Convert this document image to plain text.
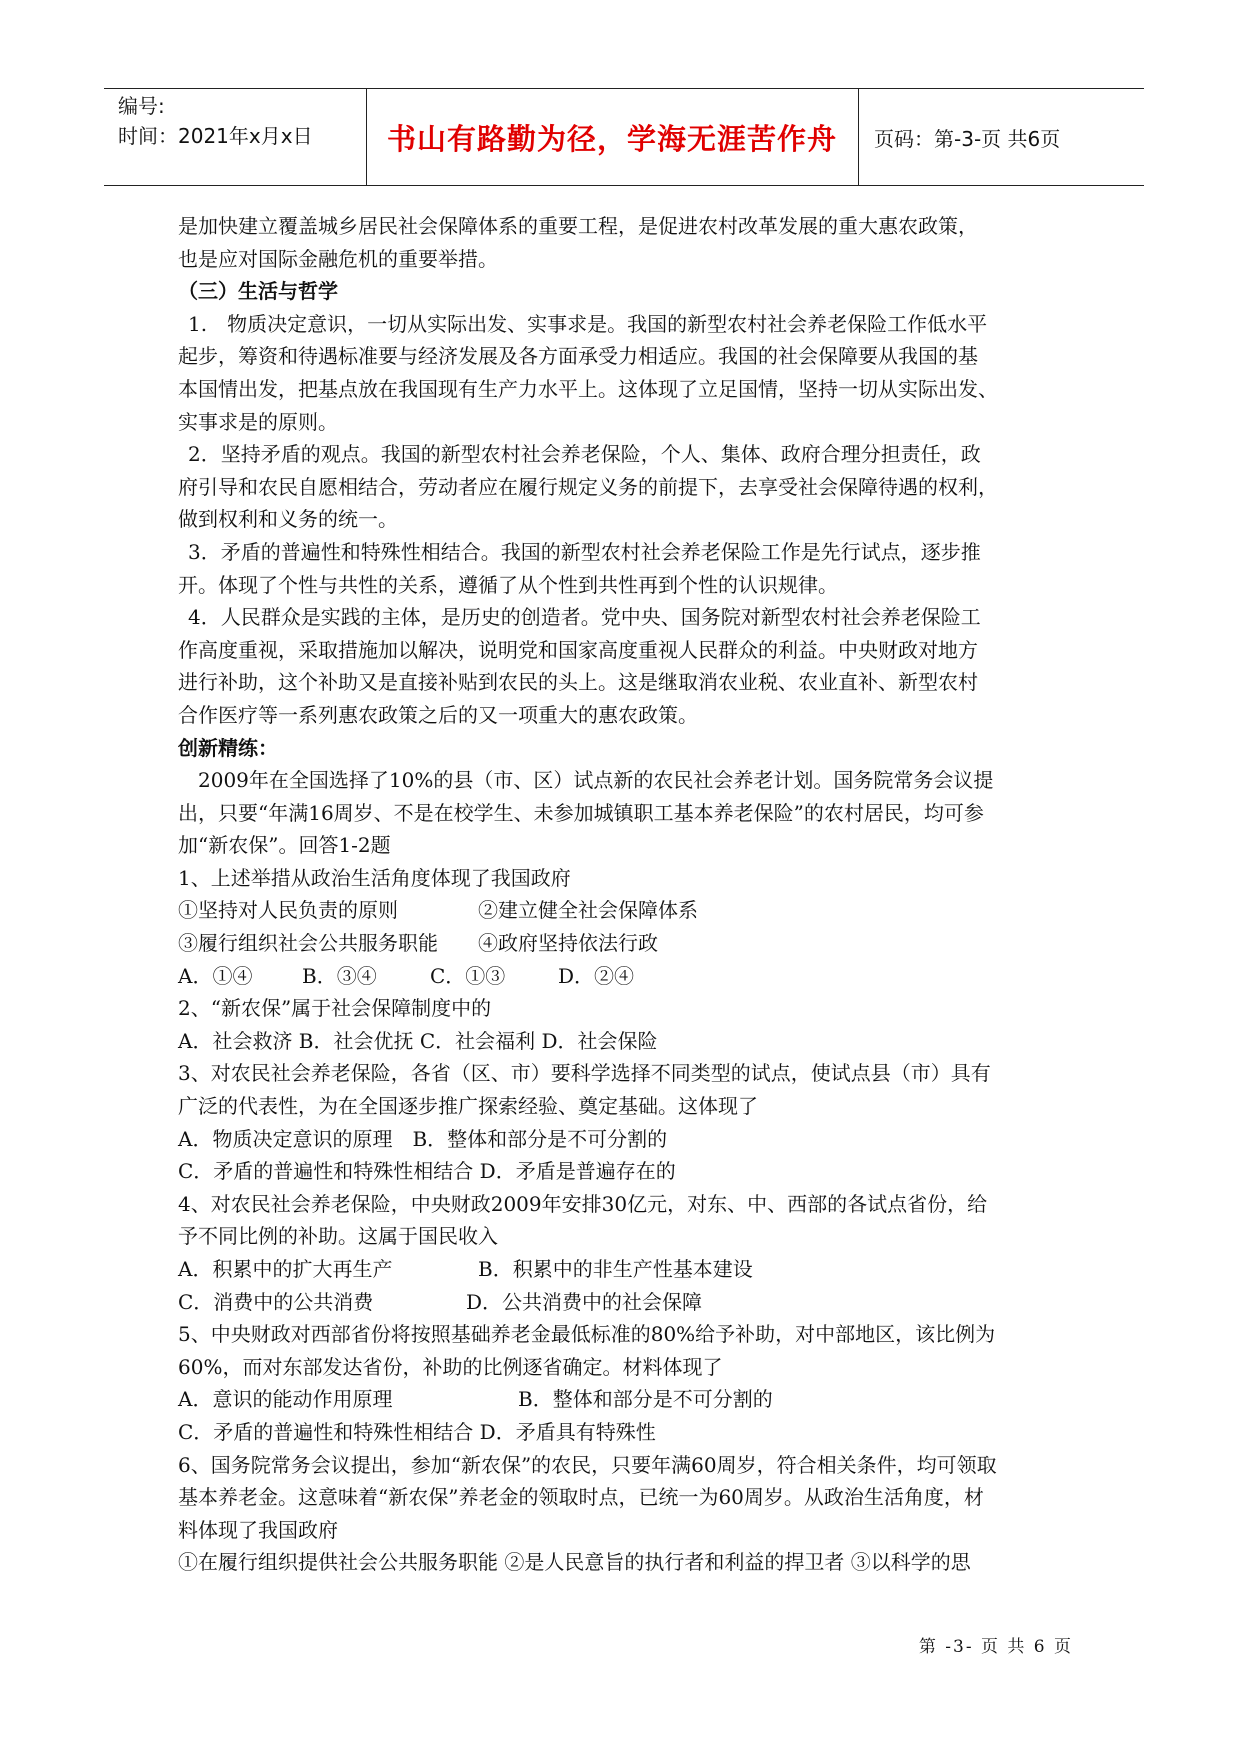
编号:
时间：2021年x月x日	书山有路勤为径，学海无涯苦作舟	页码：第-3-页 共6页
是加快建立覆盖城乡居民社会保障体系的重要工程，是促进农村改革发展的重大惠农政策，
也是应对国际金融危机的重要举措。
（三）生活与哲学
1.　物质决定意识，一切从实际出发、实事求是。我国的新型农村社会养老保险工作低水平
起步，筹资和待遇标准要与经济发展及各方面承受力相适应。我国的社会保障要从我国的基
本国情出发，把基点放在我国现有生产力水平上。这体现了立足国情，坚持一切从实际出发、
实事求是的原则。
2．坚持矛盾的观点。我国的新型农村社会养老保险，个人、集体、政府合理分担责任，政
府引导和农民自愿相结合，劳动者应在履行规定义务的前提下，去享受社会保障待遇的权利，
做到权利和义务的统一。
3．矛盾的普遍性和特殊性相结合。我国的新型农村社会养老保险工作是先行试点，逐步推
开。体现了个性与共性的关系，遵循了从个性到共性再到个性的认识规律。
4．人民群众是实践的主体，是历史的创造者。党中央、国务院对新型农村社会养老保险工
作高度重视，采取措施加以解决，说明党和国家高度重视人民群众的利益。中央财政对地方
进行补助，这个补助又是直接补贴到农民的头上。这是继取消农业税、农业直补、新型农村
合作医疗等一系列惠农政策之后的又一项重大的惠农政策。
创新精练：
2009年在全国选择了10%的县（市、区）试点新的农民社会养老计划。国务院常务会议提
出，只要“年满16周岁、不是在校学生、未参加城镇职工基本养老保险”的农村居民，均可参
加“新农保”。回答1-2题
1、上述举措从政治生活角度体现了我国政府
①坚持对人民负责的原则	②建立健全社会保障体系
③履行组织社会公共服务职能 ④政府坚持依法行政
A．①④ B．③④	C．①③	D．②④
2、“新农保”属于社会保障制度中的
A．社会救济 B．社会优抚 C．社会福利 D．社会保险
3、对农民社会养老保险，各省（区、市）要科学选择不同类型的试点，使试点县（市）具有
广泛的代表性，为在全国逐步推广探索经验、奠定基础。这体现了
A．物质决定意识的原理　B．整体和部分是不可分割的
C．矛盾的普遍性和特殊性相结合 D．矛盾是普遍存在的
4、对农民社会养老保险，中央财政2009年安排30亿元，对东、中、西部的各试点省份，给
予不同比例的补助。这属于国民收入
A．积累中的扩大再生产	B．积累中的非生产性基本建设
C．消费中的公共消费	D．公共消费中的社会保障
5、中央财政对西部省份将按照基础养老金最低标准的80%给予补助，对中部地区，该比例为
60%，而对东部发达省份，补助的比例逐省确定。材料体现了
A．意识的能动作用原理	B．整体和部分是不可分割的
C．矛盾的普遍性和特殊性相结合 D．矛盾具有特殊性
6、国务院常务会议提出，参加“新农保”的农民，只要年满60周岁，符合相关条件，均可领取
基本养老金。这意味着“新农保”养老金的领取时点，已统一为60周岁。从政治生活角度，材
料体现了我国政府
①在履行组织提供社会公共服务职能 ②是人民意旨的执行者和利益的捍卫者 ③以科学的思
第 -3- 页 共 6 页
